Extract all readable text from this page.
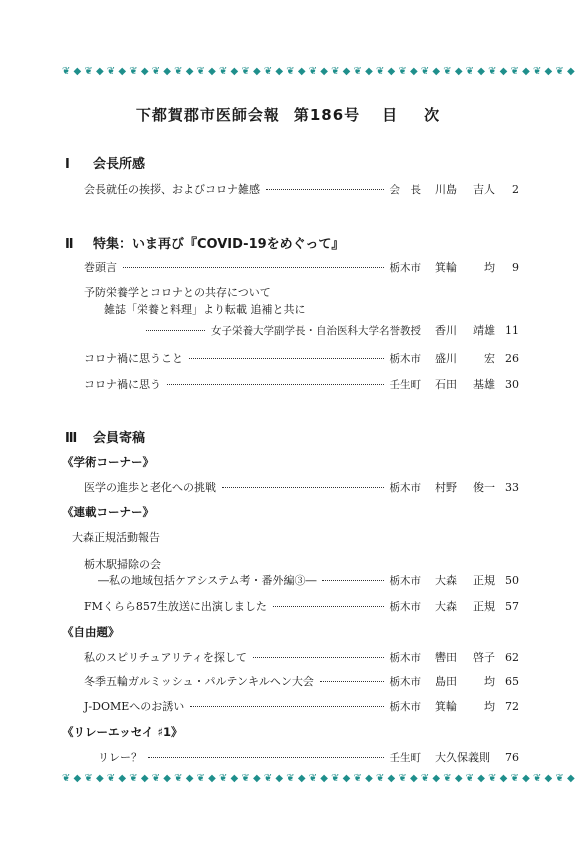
❦ ◆ ❦ ◆ ❦ ◆ ❦ ◆ ❦ ◆ ❦ ◆ ❦ ◆ ❦ ◆ ❦ ◆ ❦ ◆ ❦ ◆ ❦ ◆ ❦ ◆ ❦ ◆ ❦ ◆ ❦ ◆ ❦ ◆ ❦ ◆ ❦ ◆ ❦ ◆ ❦ ◆ ❦ ◆ ❦ ◆
下都賀郡市医師会報 第186号 目 次
Ⅰ 会長所感
会長就任の挨拶、およびコロナ雑感	会　長 川島 吉人	2
Ⅱ 特集：いま再び『COVID-19をめぐって』
巻頭言	栃木市 箕輪 均	9
予防栄養学とコロナとの共存について
雑誌「栄養と料理」より転載 追補と共に
女子栄養大学副学長・自治医科大学名誉教授 香川 靖雄 11
コロナ禍に思うこと	栃木市 盛川 宏 26
コロナ禍に思う	壬生町 石田 基雄 30
Ⅲ 会員寄稿
《学術コーナー》
医学の進歩と老化への挑戦	栃木市 村野 俊一 33
《連載コーナー》
大森正規活動報告
栃木駅掃除の会
―私の地域包括ケアシステム考・番外編③―	栃木市 大森 正規 50
FMくらら857生放送に出演しました	栃木市 大森 正規 57
《自由題》
私のスピリチュアリティを探して	栃木市 轡田 啓子 62
冬季五輪ガルミッシュ・パルテンキルヘン大会	栃木市 島田 均 65
J-DOMEへのお誘い	栃木市 箕輪 均 72
《リレーエッセイ ♯1》
リレー？	壬生町 大久保義則	76
❦ ◆ ❦ ◆ ❦ ◆ ❦ ◆ ❦ ◆ ❦ ◆ ❦ ◆ ❦ ◆ ❦ ◆ ❦ ◆ ❦ ◆ ❦ ◆ ❦ ◆ ❦ ◆ ❦ ◆ ❦ ◆ ❦ ◆ ❦ ◆ ❦ ◆ ❦ ◆ ❦ ◆ ❦ ◆ ❦ ◆
